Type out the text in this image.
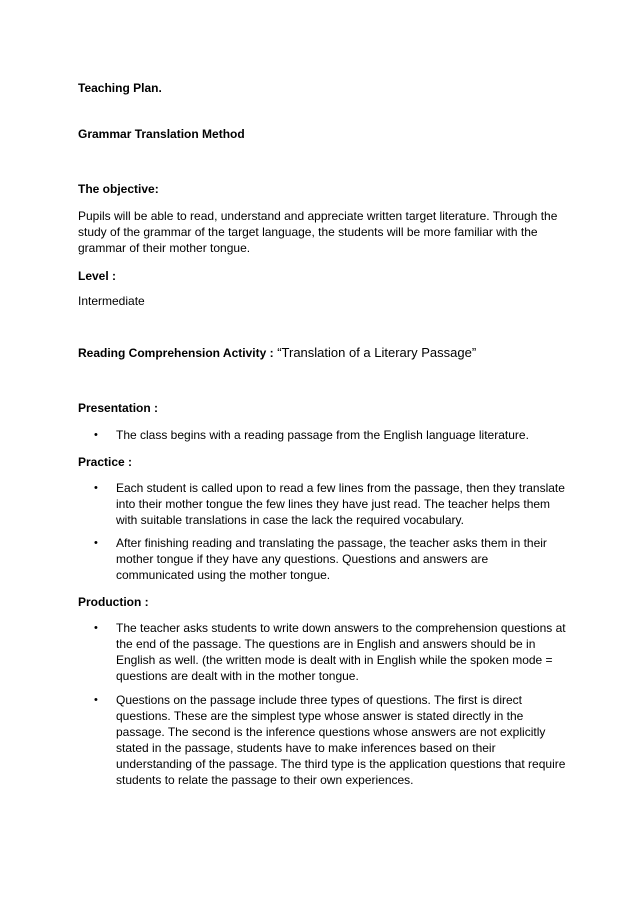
Teaching Plan.
Grammar Translation Method
The objective:
Pupils will be able to read, understand and appreciate written target literature. Through the
study of the grammar of the target language, the students will be more familiar with the
grammar of their mother tongue.
Level :
Intermediate
Reading Comprehension Activity : “Translation of a Literary Passage”
Presentation :
•	The class begins with a reading passage from the English language literature.
Practice :
•	Each student is called upon to read a few lines from the passage, then they translate
into their mother tongue the few lines they have just read. The teacher helps them
with suitable translations in case the lack the required vocabulary.
•	After finishing reading and translating the passage, the teacher asks them in their
mother tongue if they have any questions. Questions and answers are
communicated using the mother tongue.
Production :
•	The teacher asks students to write down answers to the comprehension questions at
the end of the passage. The questions are in English and answers should be in
English as well. (the written mode is dealt with in English while the spoken mode =
questions are dealt with in the mother tongue.
•	Questions on the passage include three types of questions. The first is direct
questions. These are the simplest type whose answer is stated directly in the
passage. The second is the inference questions whose answers are not explicitly
stated in the passage, students have to make inferences based on their
understanding of the passage. The third type is the application questions that require
students to relate the passage to their own experiences.
